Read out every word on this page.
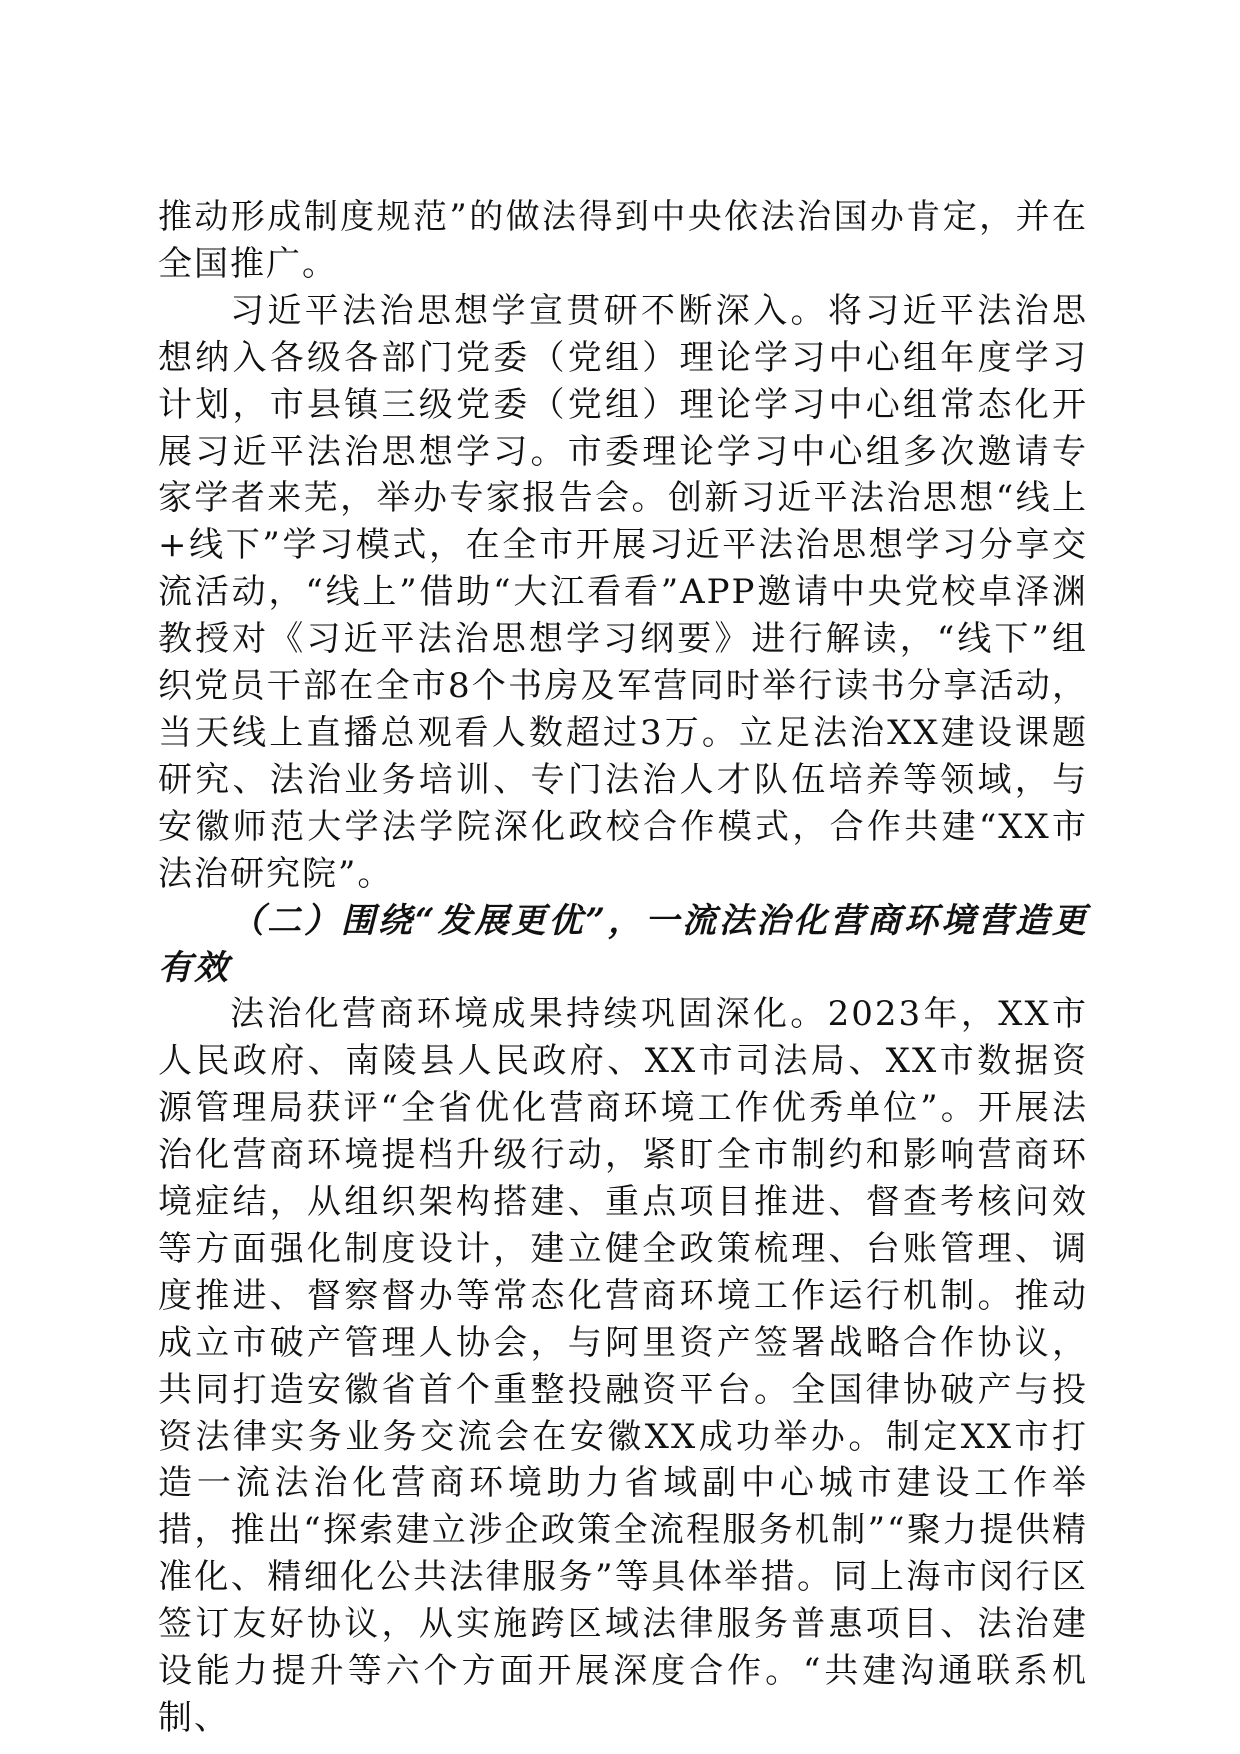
推动形成制度规范”的做法得到中央依法治国办肯定，并在全国推广。

习近平法治思想学宣贯研不断深入。将习近平法治思想纳入各级各部门党委（党组）理论学习中心组年度学习计划，市县镇三级党委（党组）理论学习中心组常态化开展习近平法治思想学习。市委理论学习中心组多次邀请专家学者来芜，举办专家报告会。创新习近平法治思想“线上+线下”学习模式，在全市开展习近平法治思想学习分享交流活动，“线上”借助“大江看看”APP邀请中央党校卓泽渊教授对《习近平法治思想学习纲要》进行解读，“线下”组织党员干部在全市8个书房及军营同时举行读书分享活动，当天线上直播总观看人数超过3万。立足法治XX建设课题研究、法治业务培训、专门法治人才队伍培养等领域，与安徽师范大学法学院深化政校合作模式，合作共建“XX市法治研究院”。

（二）围绕“发展更优”，一流法治化营商环境营造更有效

法治化营商环境成果持续巩固深化。2023年，XX市人民政府、南陵县人民政府、XX市司法局、XX市数据资源管理局获评“全省优化营商环境工作优秀单位”。开展法治化营商环境提档升级行动，紧盯全市制约和影响营商环境症结，从组织架构搭建、重点项目推进、督查考核问效等方面强化制度设计，建立健全政策梳理、台账管理、调度推进、督察督办等常态化营商环境工作运行机制。推动成立市破产管理人协会，与阿里资产签署战略合作协议，共同打造安徽省首个重整投融资平台。全国律协破产与投资法律实务业务交流会在安徽XX成功举办。制定XX市打造一流法治化营商环境助力省域副中心城市建设工作举措，推出“探索建立涉企政策全流程服务机制”“聚力提供精准化、精细化公共法律服务”等具体举措。同上海市闵行区签订友好协议，从实施跨区域法律服务普惠项目、法治建设能力提升等六个方面开展深度合作。“共建沟通联系机制、
